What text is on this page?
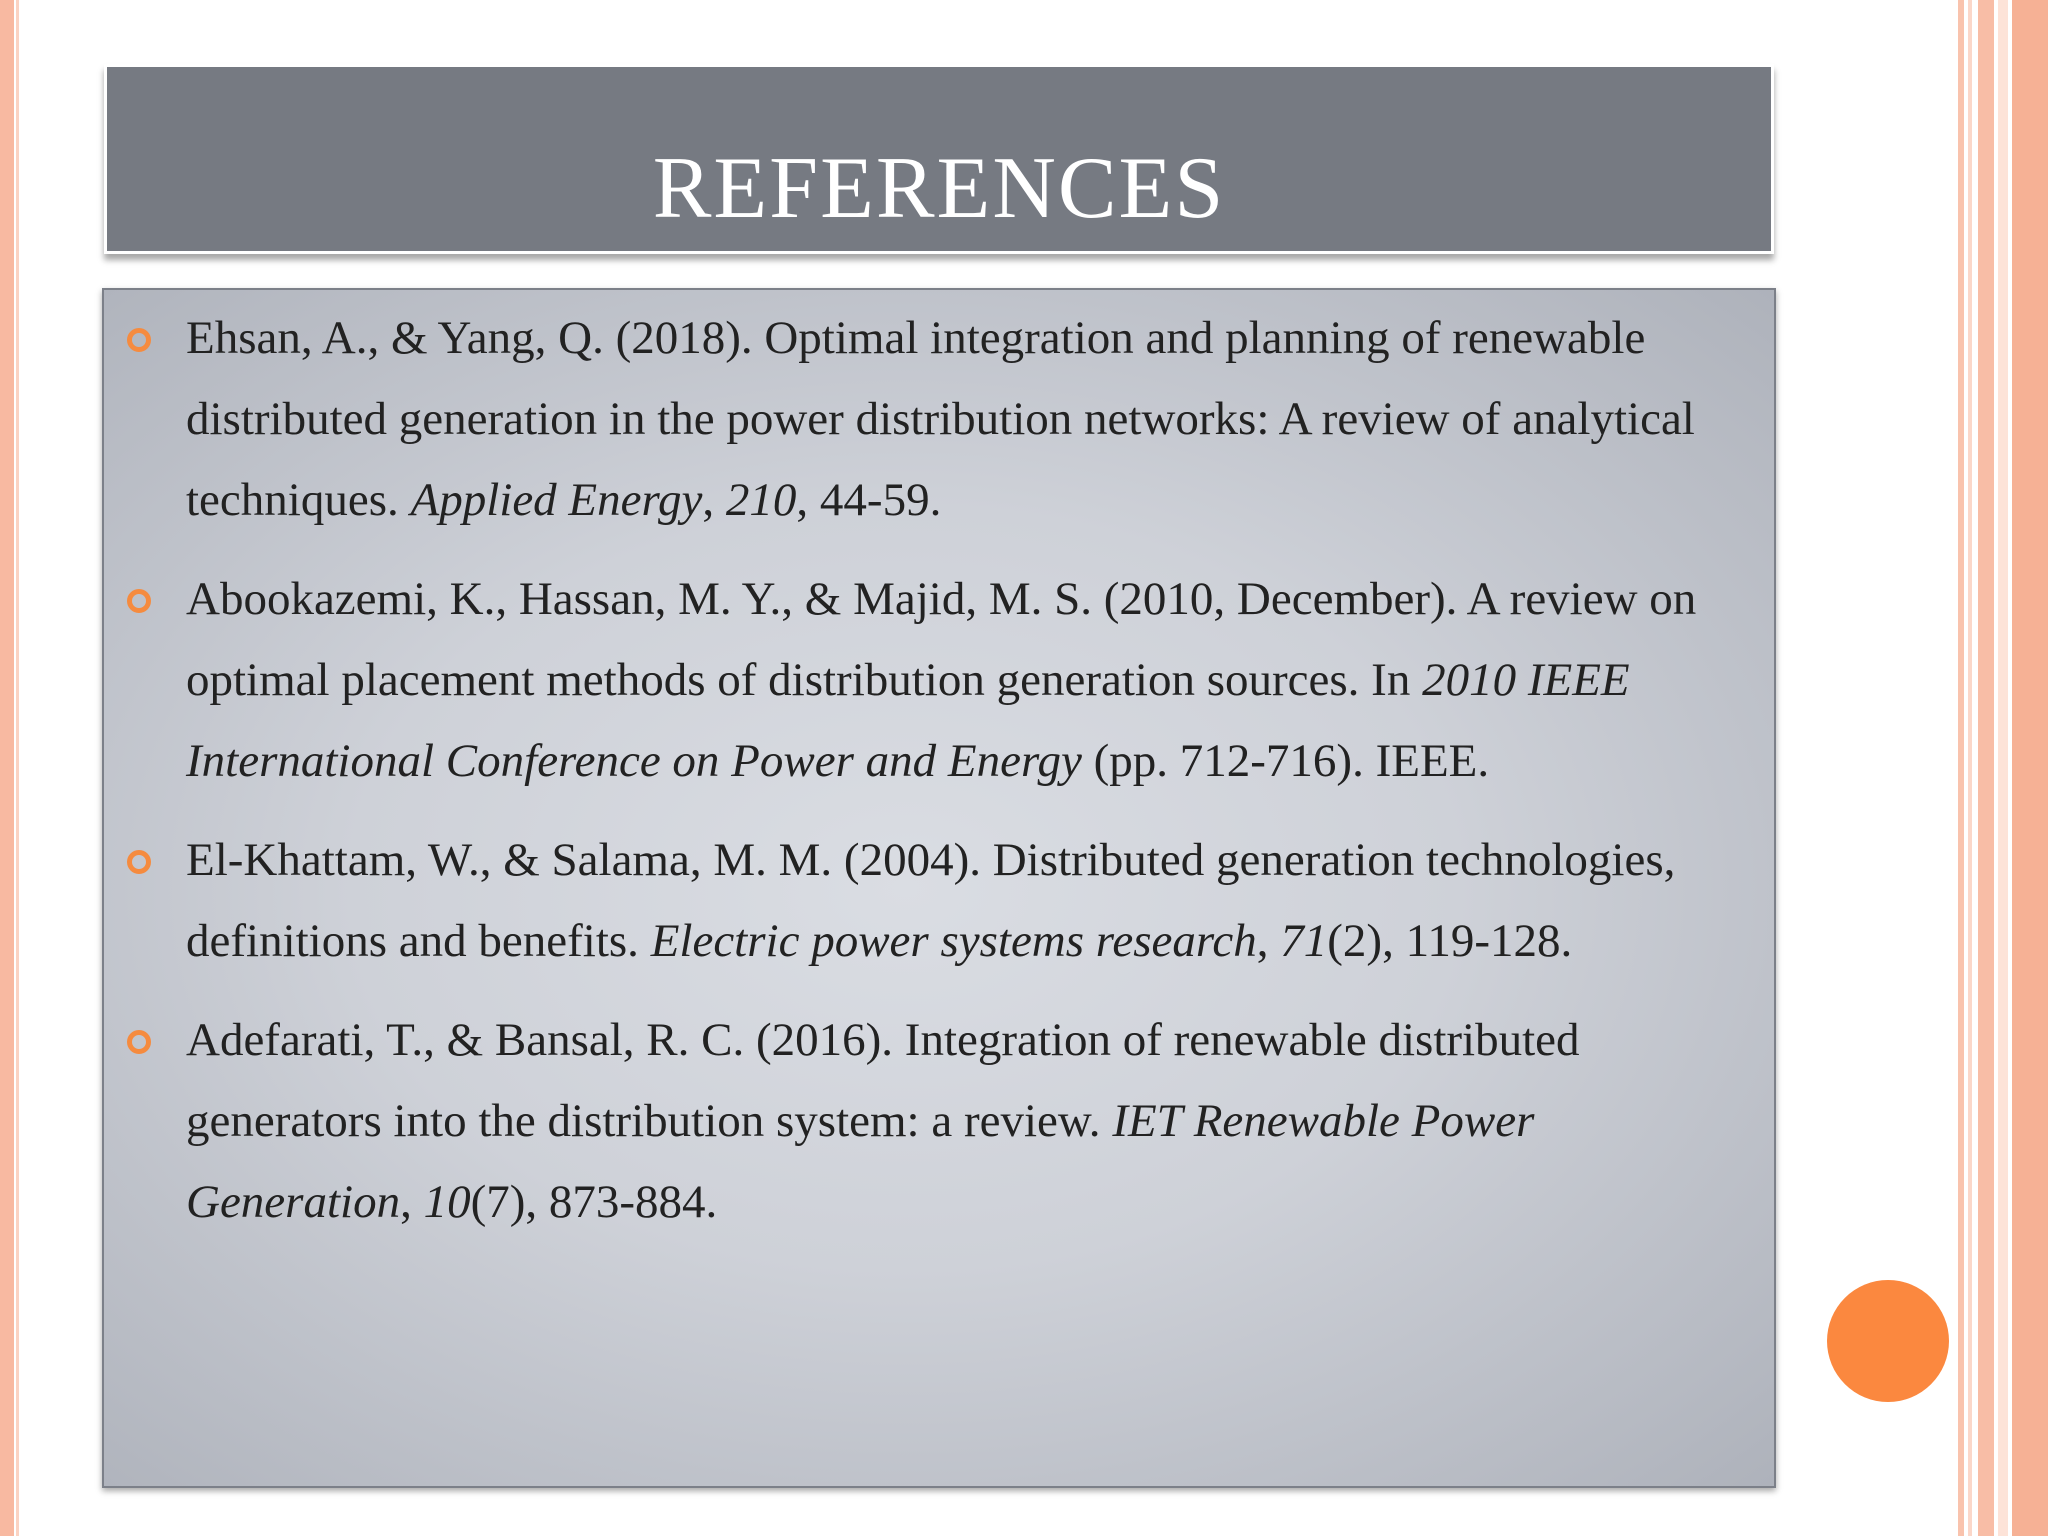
REFERENCES
Ehsan, A., & Yang, Q. (2018). Optimal integration and planning of renewable distributed generation in the power distribution networks: A review of analytical techniques. Applied Energy, 210, 44-59.
Abookazemi, K., Hassan, M. Y., & Majid, M. S. (2010, December). A review on optimal placement methods of distribution generation sources. In 2010 IEEE International Conference on Power and Energy (pp. 712-716). IEEE.
El-Khattam, W., & Salama, M. M. (2004). Distributed generation technologies, definitions and benefits. Electric power systems research, 71(2), 119-128.
Adefarati, T., & Bansal, R. C. (2016). Integration of renewable distributed generators into the distribution system: a review. IET Renewable Power Generation, 10(7), 873-884.
